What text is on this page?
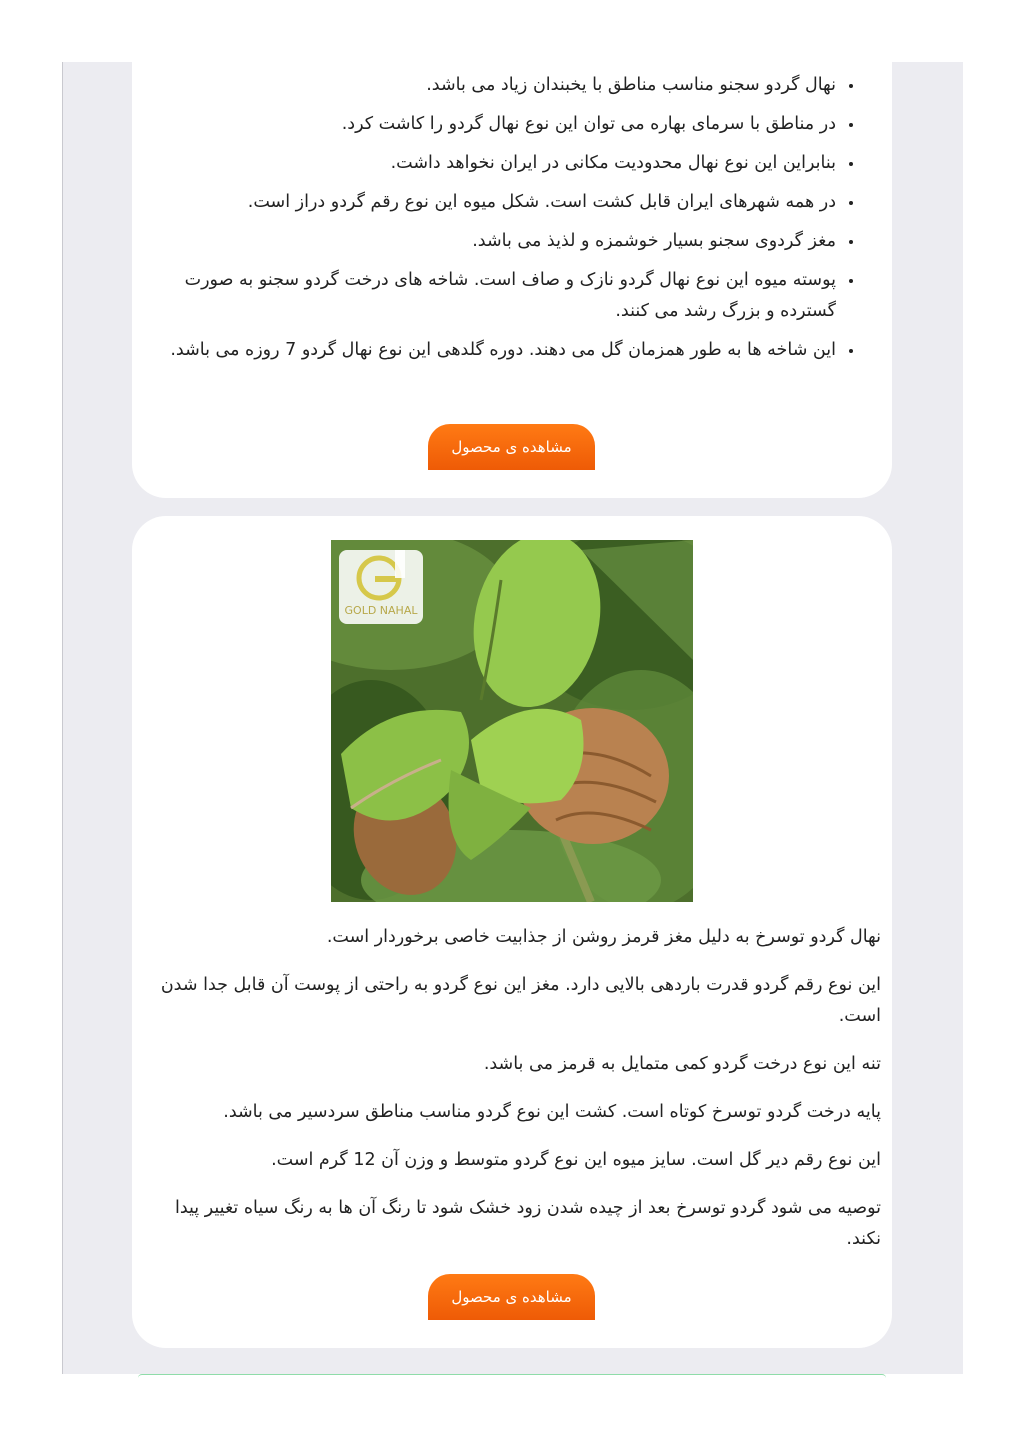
• نهال گردو سجنو مناسب مناطق با یخبندان زیاد می باشد.
• در مناطق با سرمای بهاره می توان این نوع نهال گردو را کاشت کرد.
• بنابراین این نوع نهال محدودیت مکانی در ایران نخواهد داشت.
• در همه شهرهای ایران قابل کشت است. شکل میوه این نوع رقم گردو دراز است.
• مغز گردوی سجنو بسیار خوشمزه و لذیذ می باشد.
• پوسته میوه این نوع نهال گردو نازک و صاف است. شاخه های درخت گردو سجنو به صورت گسترده و بزرگ رشد می کنند.
• این شاخه ها به طور همزمان گل می دهند. دوره گلدهی این نوع نهال گردو 7 روزه می باشد.
مشاهده ی محصول
GOLD NAHAL

نهال گردو توسرخ به دلیل مغز قرمز روشن از جذابیت خاصی برخوردار است.

این نوع رقم گردو قدرت باردهی بالایی دارد. مغز این نوع گردو به راحتی از پوست آن قابل جدا شدن است.

تنه این نوع درخت گردو کمی متمایل به قرمز می باشد.

پایه درخت گردو توسرخ کوتاه است. کشت این نوع گردو مناسب مناطق سردسیر می باشد.

این نوع رقم دیر گل است. سایز میوه این نوع گردو متوسط و وزن آن 12 گرم است.

توصیه می شود گردو توسرخ بعد از چیده شدن زود خشک شود تا رنگ آن ها به رنگ سیاه تغییر پیدا نکند.

مشاهده ی محصول
